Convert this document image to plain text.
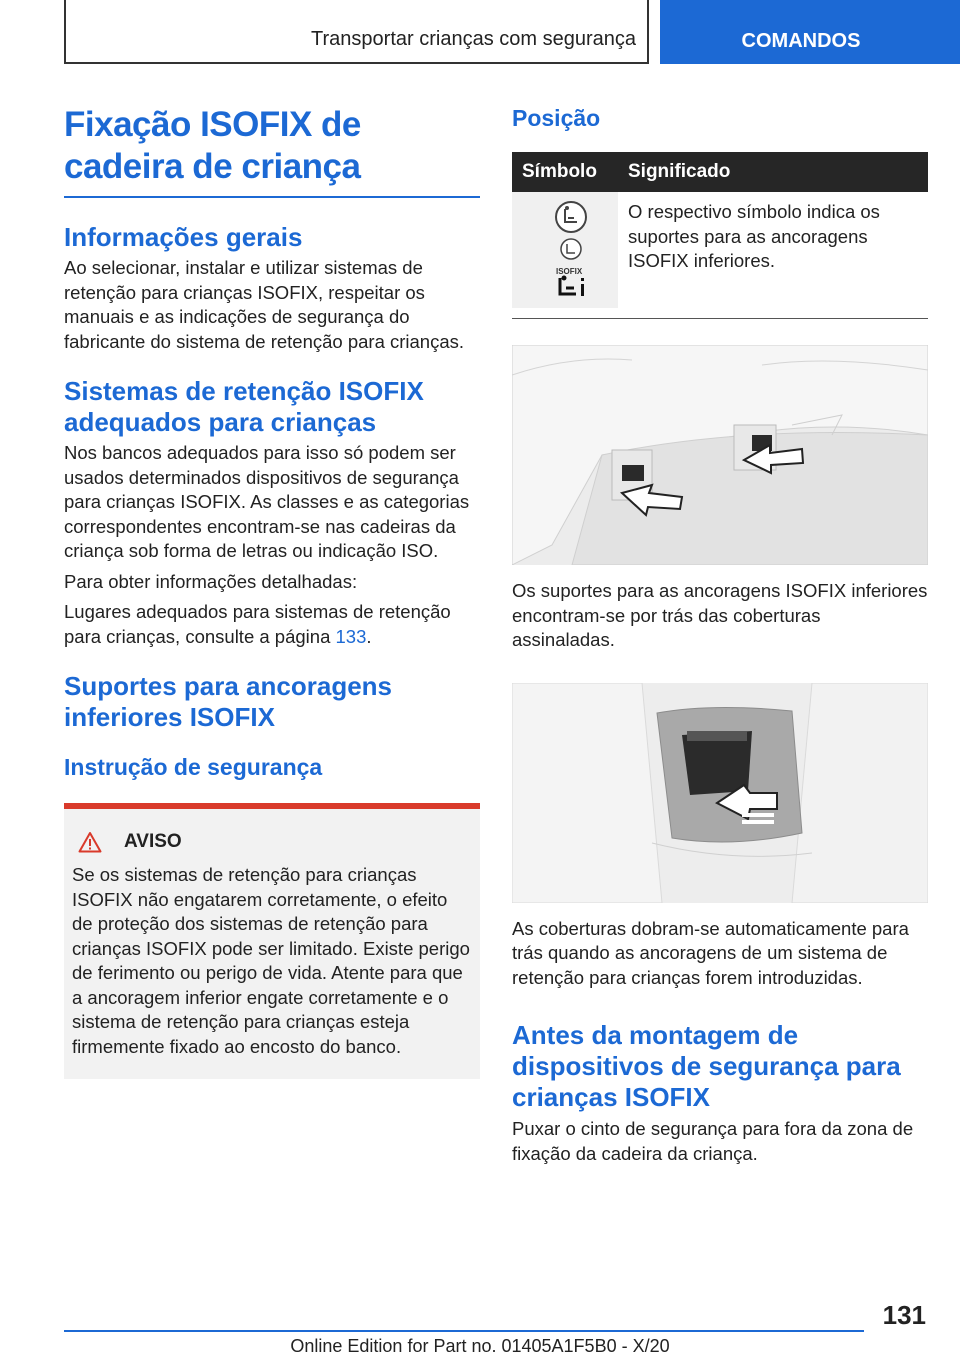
Transportar crianças com segurança	COMANDOS
Fixação ISOFIX de cadeira de criança
Informações gerais

Ao selecionar, instalar e utilizar sistemas de retenção para crianças ISOFIX, respeitar os manuais e as indicações de segurança do fabricante do sistema de retenção para crianças.

Sistemas de retenção ISOFIX adequados para crianças

Nos bancos adequados para isso só podem ser usados determinados dispositivos de segurança para crianças ISOFIX. As classes e as categorias correspondentes encontram-se nas cadeiras da criança sob forma de letras ou indicação ISO.

Para obter informações detalhadas:

Lugares adequados para sistemas de retenção para crianças, consulte a página 133.

Suportes para ancoragens inferiores ISOFIX
Instrução de segurança
AVISO

Se os sistemas de retenção para crianças ISOFIX não engatarem corretamente, o efeito de proteção dos sistemas de retenção para crianças ISOFIX pode ser limitado. Existe perigo de ferimento ou perigo de vida. Atente para que a ancoragem inferior engate corretamente e o sistema de retenção para crianças esteja firmemente fixado ao encosto do banco.

Posição
Símbolo	Significado

ISOFIX	O respectivo símbolo indica os suportes para as ancoragens ISOFIX inferiores.

Os suportes para as ancoragens ISOFIX inferiores encontram-se por trás das coberturas assinaladas.

As coberturas dobram-se automaticamente para trás quando as ancoragens de um sistema de retenção para crianças forem introduzidas.

Antes da montagem de dispositivos de segurança para crianças ISOFIX

Puxar o cinto de segurança para fora da zona de fixação da cadeira da criança.

131
Online Edition for Part no. 01405A1F5B0 - X/20
